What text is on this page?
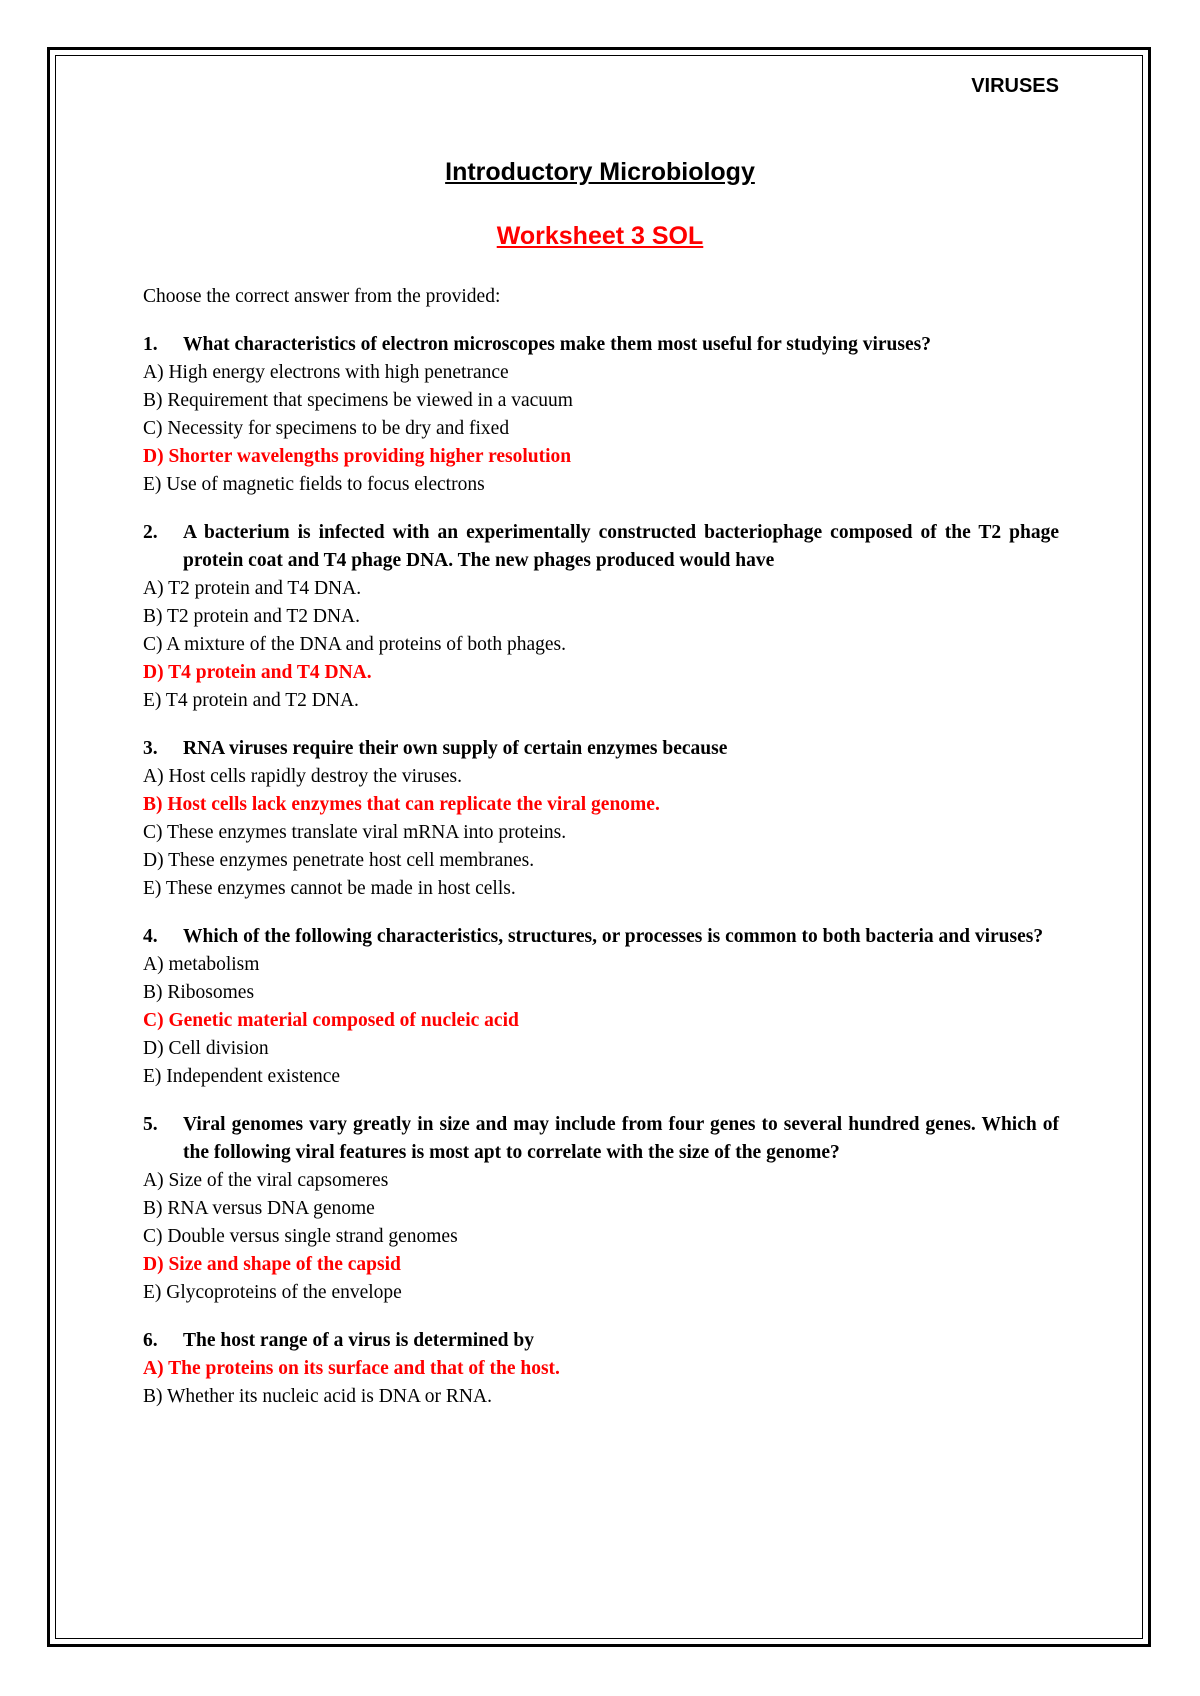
VIRUSES

Introductory Microbiology
Worksheet 3 SOL

Choose the correct answer from the provided:

1.	What characteristics of electron microscopes make them most useful for studying viruses?
A) High energy electrons with high penetrance
B) Requirement that specimens be viewed in a vacuum
C) Necessity for specimens to be dry and fixed
D) Shorter wavelengths providing higher resolution
E) Use of magnetic fields to focus electrons
2.	A bacterium is infected with an experimentally constructed bacteriophage composed of the T2 phage protein coat and T4 phage DNA. The new phages produced would have
A) T2 protein and T4 DNA.
B) T2 protein and T2 DNA.
C) A mixture of the DNA and proteins of both phages.
D) T4 protein and T4 DNA.
E) T4 protein and T2 DNA.
3.	RNA viruses require their own supply of certain enzymes because
A) Host cells rapidly destroy the viruses.
B) Host cells lack enzymes that can replicate the viral genome.
C) These enzymes translate viral mRNA into proteins.
D) These enzymes penetrate host cell membranes.
E) These enzymes cannot be made in host cells.
4.	Which of the following characteristics, structures, or processes is common to both bacteria and viruses?
A) metabolism
B) Ribosomes
C) Genetic material composed of nucleic acid
D) Cell division
E) Independent existence
5.	Viral genomes vary greatly in size and may include from four genes to several hundred genes. Which of the following viral features is most apt to correlate with the size of the genome?
A) Size of the viral capsomeres
B) RNA versus DNA genome
C) Double versus single strand genomes
D) Size and shape of the capsid
E) Glycoproteins of the envelope
6.	The host range of a virus is determined by
A) The proteins on its surface and that of the host.
B) Whether its nucleic acid is DNA or RNA.
